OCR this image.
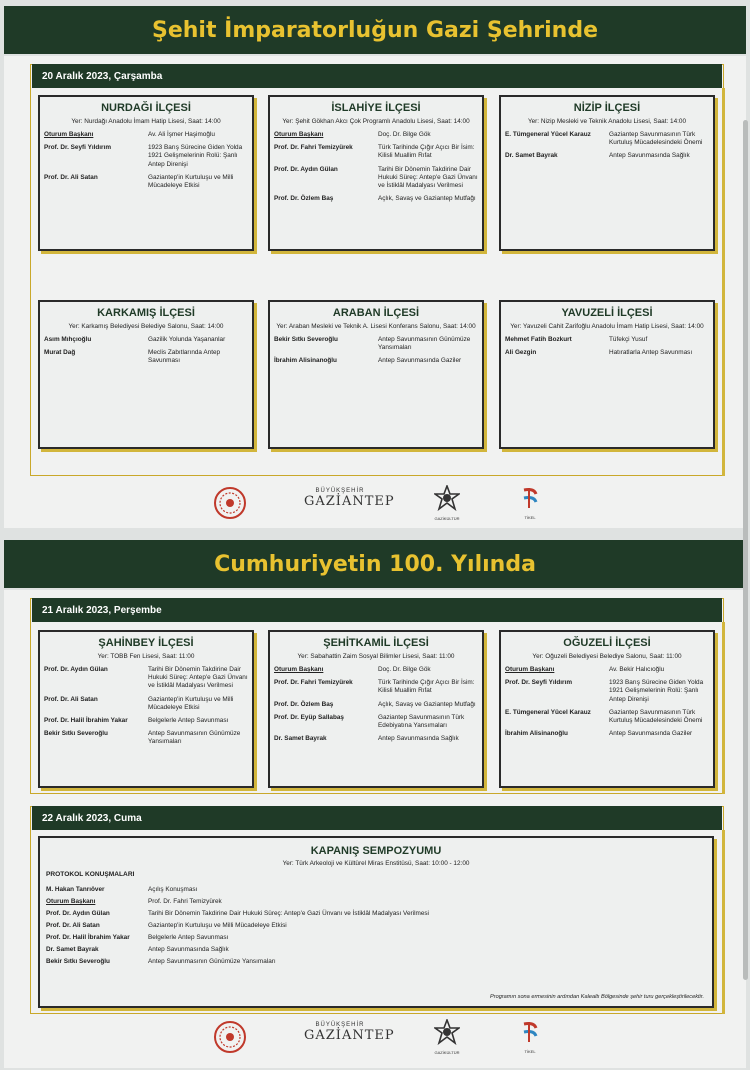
Şehit İmparatorluğun Gazi Şehrinde
20 Aralık 2023, Çarşamba
NURDAĞI İLÇESİ
Yer: Nurdağı Anadolu İmam Hatip Lisesi, Saat: 14:00
Oturum Başkanı	Av. Ali İşmer Haşimoğlu
Prof. Dr. Seyfi Yıldırım	1923 Barış Sürecine Giden Yolda 1921 Gelişmelerinin Rolü: Şanlı Antep Direnişi
Prof. Dr. Ali Satan	Gaziantep'in Kurtuluşu ve Milli Mücadeleye Etkisi
İSLAHİYE İLÇESİ
Yer: Şehit Gökhan Akcı Çok Programlı Anadolu Lisesi, Saat: 14:00
Oturum Başkanı	Doç. Dr. Bilge Gök
Prof. Dr. Fahri Temizyürek	Türk Tarihinde Çığır Açıcı Bir İsim: Kilisli Muallim Rıfat
Prof. Dr. Aydın Gülan	Tarihi Bir Dönemin Takdirine Dair Hukuki Süreç: Antep'e Gazi Ünvanı ve İstiklâl Madalyası Verilmesi
Prof. Dr. Özlem Baş	Açlık, Savaş ve Gaziantep Mutfağı
NİZİP İLÇESİ
Yer: Nizip Mesleki ve Teknik Anadolu Lisesi, Saat: 14:00
E. Tümgeneral Yücel Karauz	Gaziantep Savunmasının Türk Kurtuluş Mücadelesindeki Önemi
Dr. Samet Bayrak	Antep Savunmasında Sağlık
KARKAMIŞ İLÇESİ
Yer: Karkamış Belediyesi Belediye Salonu, Saat: 14:00
Asım Mıhçıoğlu	Gazilik Yolunda Yaşananlar
Murat Dağ	Meclis Zabıtlarında Antep Savunması
ARABAN İLÇESİ
Yer: Araban Mesleki ve Teknik A. Lisesi Konferans Salonu, Saat: 14:00
Bekir Sıtkı Severoğlu	Antep Savunmasının Günümüze Yansımaları
İbrahim Alisinanoğlu	Antep Savunmasında Gaziler
YAVUZELİ İLÇESİ
Yer: Yavuzeli Cahit Zarifoğlu Anadolu İmam Hatip Lisesi, Saat: 14:00
Mehmet Fatih Bozkurt	Tüfekçi Yusuf
Ali Gezgin	Hatıratlarla Antep Savunması
BÜYÜKŞEHİR
GAZİANTEP
GAZİKÜLTÜR	TİKEL
Cumhuriyetin 100. Yılında
21 Aralık 2023, Perşembe
ŞAHİNBEY İLÇESİ
Yer: TOBB Fen Lisesi, Saat: 11:00
Prof. Dr. Aydın Gülan	Tarihi Bir Dönemin Takdirine Dair Hukuki Süreç: Antep'e Gazi Ünvanı ve İstiklâl Madalyası Verilmesi
Prof. Dr. Ali Satan	Gaziantep'in Kurtuluşu ve Milli Mücadeleye Etkisi
Prof. Dr. Halil İbrahim Yakar	Belgelerle Antep Savunması
Bekir Sıtkı Severoğlu	Antep Savunmasının Günümüze Yansımaları
ŞEHİTKAMİL İLÇESİ
Yer: Sabahattin Zaim Sosyal Bilimler Lisesi, Saat: 11:00
Oturum Başkanı	Doç. Dr. Bilge Gök
Prof. Dr. Fahri Temizyürek	Türk Tarihinde Çığır Açıcı Bir İsim: Kilisli Muallim Rıfat
Prof. Dr. Özlem Baş	Açlık, Savaş ve Gaziantep Mutfağı
Prof. Dr. Eyüp Sallabaş	Gaziantep Savunmasının Türk Edebiyatına Yansımaları
Dr. Samet Bayrak	Antep Savunmasında Sağlık
OĞUZELİ İLÇESİ
Yer: Oğuzeli Belediyesi Belediye Salonu, Saat: 11:00
Oturum Başkanı	Av. Bekir Halıcıoğlu
Prof. Dr. Seyfi Yıldırım	1923 Barış Sürecine Giden Yolda 1921 Gelişmelerinin Rolü: Şanlı Antep Direnişi
E. Tümgeneral Yücel Karauz	Gaziantep Savunmasının Türk Kurtuluş Mücadelesindeki Önemi
İbrahim Alisinanoğlu	Antep Savunmasında Gaziler
22 Aralık 2023, Cuma
KAPANIŞ SEMPOZYUMU
Yer: Türk Arkeoloji ve Kültürel Miras Enstitüsü, Saat: 10:00 - 12:00
PROTOKOL KONUŞMALARI
M. Hakan Tanrıöver	Açılış Konuşması
Oturum Başkanı	Prof. Dr. Fahri Temizyürek
Prof. Dr. Aydın Gülan	Tarihi Bir Dönemin Takdirine Dair Hukuki Süreç: Antep'e Gazi Ünvanı ve İstiklâl Madalyası Verilmesi
Prof. Dr. Ali Satan	Gaziantep'in Kurtuluşu ve Milli Mücadeleye Etkisi
Prof. Dr. Halil İbrahim Yakar	Belgelerle Antep Savunması
Dr. Samet Bayrak	Antep Savunmasında Sağlık
Bekir Sıtkı Severoğlu	Antep Savunmasının Günümüze Yansımaları
Programın sona ermesinin ardından Kalealtı Bölgesinde şehir turu gerçekleştirilecektir.
BÜYÜKŞEHİR
GAZİANTEP
GAZİKÜLTÜR	TİKEL
